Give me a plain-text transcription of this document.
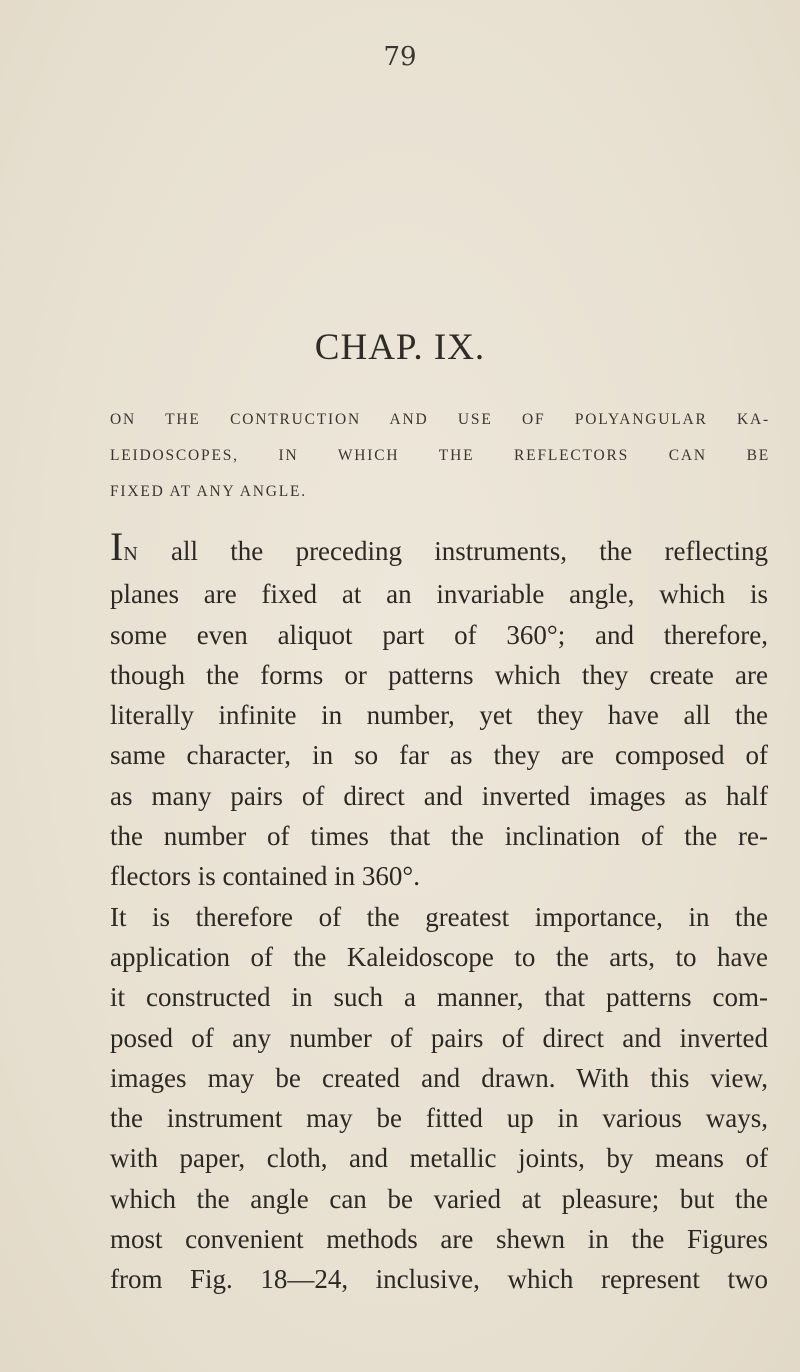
79
CHAP. IX.
ON THE CONTRUCTION AND USE OF POLYANGULAR KA-
LEIDOSCOPES, IN WHICH THE REFLECTORS CAN BE
FIXED AT ANY ANGLE.
IN all the preceding instruments, the reflecting
planes are fixed at an invariable angle, which is
some even aliquot part of 360°; and therefore,
though the forms or patterns which they create are
literally infinite in number, yet they have all the
same character, in so far as they are composed of
as many pairs of direct and inverted images as half
the number of times that the inclination of the re-
flectors is contained in 360°.
It is therefore of the greatest importance, in the
application of the Kaleidoscope to the arts, to have
it constructed in such a manner, that patterns com-
posed of any number of pairs of direct and inverted
images may be created and drawn. With this view,
the instrument may be fitted up in various ways,
with paper, cloth, and metallic joints, by means of
which the angle can be varied at pleasure; but the
most convenient methods are shewn in the Figures
from Fig. 18—24, inclusive, which represent two
